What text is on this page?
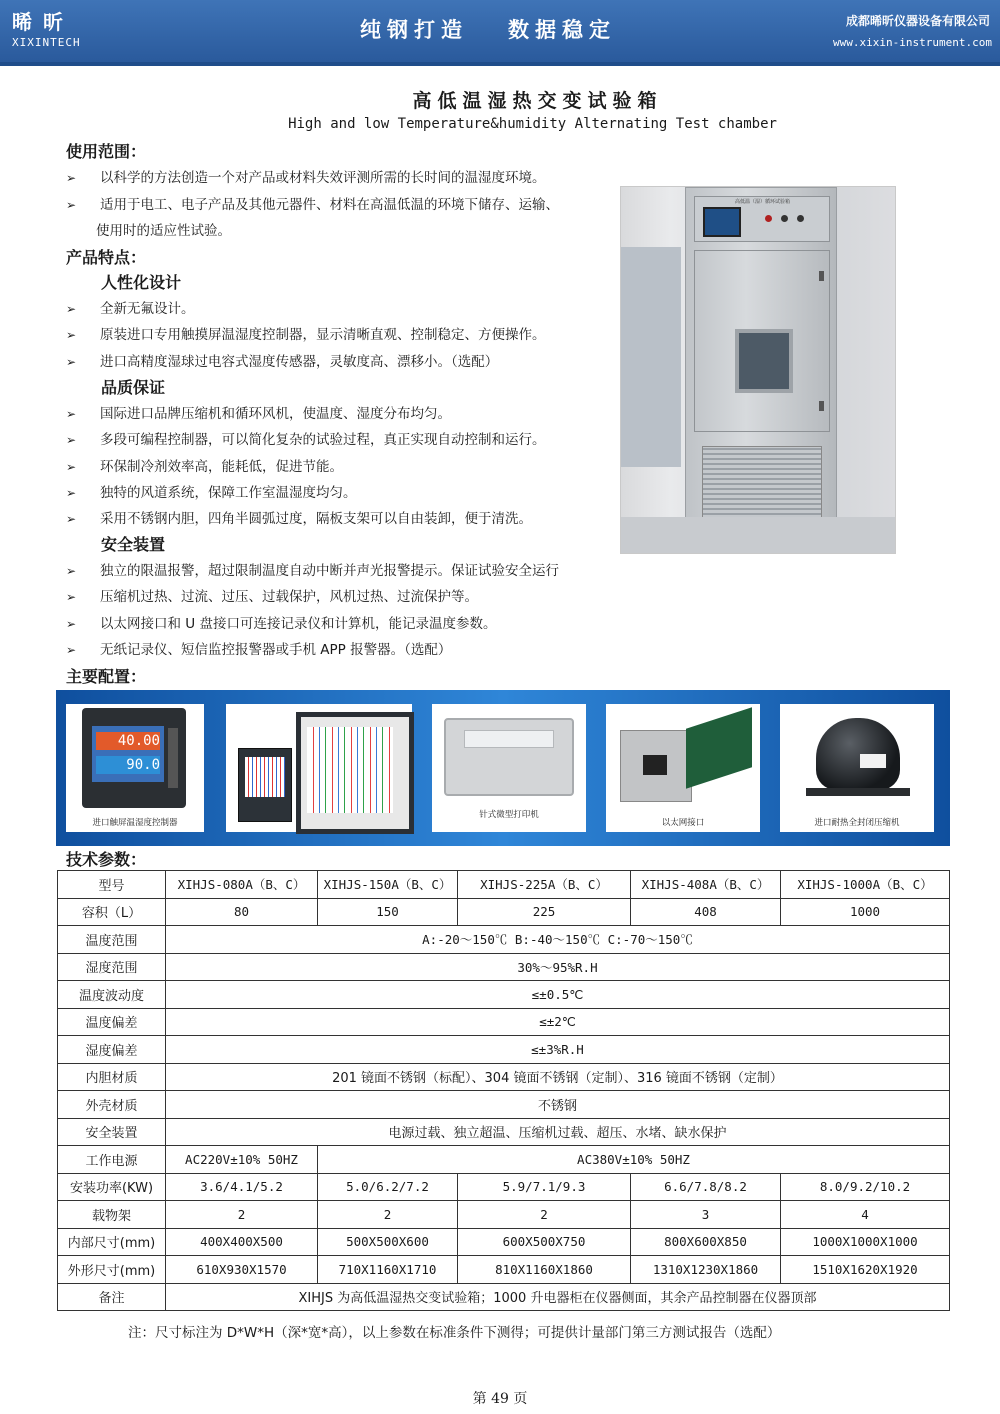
晞 昕
XIXINTECH
纯钢打造 数据稳定	成都晞昕仪器设备有限公司
www.xixin-instrument.com
高低温湿热交变试验箱
High and low Temperature&humidity Alternating Test chamber
使用范围：
➢ 以科学的方法创造一个对产品或材料失效评测所需的长时间的温湿度环境。
➢ 适用于电工、电子产品及其他元器件、材料在高温低温的环境下储存、运输、
使用时的适应性试验。
产品特点：
人性化设计
➢ 全新无氟设计。
➢ 原装进口专用触摸屏温湿度控制器，显示清晰直观、控制稳定、方便操作。
➢ 进口高精度湿球过电容式湿度传感器，灵敏度高、漂移小。（选配）
品质保证
➢ 国际进口品牌压缩机和循环风机，使温度、湿度分布均匀。
➢ 多段可编程控制器，可以简化复杂的试验过程，真正实现自动控制和运行。
➢ 环保制冷剂效率高，能耗低，促进节能。
➢ 独特的风道系统，保障工作室温湿度均匀。
➢ 采用不锈钢内胆，四角半圆弧过度，隔板支架可以自由装卸，便于清洗。
安全装置
➢ 独立的限温报警，超过限制温度自动中断并声光报警提示。保证试验安全运行
➢ 压缩机过热、过流、过压、过载保护，风机过热、过流保护等。
➢ 以太网接口和 U 盘接口可连接记录仪和计算机，能记录温度参数。
➢ 无纸记录仪、短信监控报警器或手机 APP 报警器。（选配）
高低温（湿）循环试验箱
主要配置：
40.00
90.0
进口触屏温湿度控制器
针式微型打印机
以太网接口	进口耐热全封闭压缩机
技术参数：
型号	XIHJS-080A（B、C）	XIHJS-150A（B、C）	XIHJS-225A（B、C）	XIHJS-408A（B、C）	XIHJS-1000A（B、C）
容积（L）	80	150	225	408	1000
温度范围	A:-20～150℃ B:-40～150℃ C:-70～150℃				
湿度范围	30%～95%R.H				
温度波动度	≤±0.5℃				
温度偏差	≤±2℃				
湿度偏差	≤±3%R.H				
内胆材质	201 镜面不锈钢（标配）、304 镜面不锈钢（定制）、316 镜面不锈钢（定制）				
外壳材质	不锈钢				
安全装置	电源过载、独立超温、压缩机过载、超压、水堵、缺水保护				
工作电源	AC220V±10% 50HZ	AC380V±10% 50HZ			
安装功率(KW)	3.6/4.1/5.2	5.0/6.2/7.2	5.9/7.1/9.3	6.6/7.8/8.2	8.0/9.2/10.2
载物架	2	2	2	3	4
内部尺寸(mm)	400X400X500	500X500X600	600X500X750	800X600X850	1000X1000X1000
外形尺寸(mm)	610X930X1570	710X1160X1710	810X1160X1860	1310X1230X1860	1510X1620X1920
备注	XIHJS 为高低温湿热交变试验箱；1000 升电器柜在仪器侧面，其余产品控制器在仪器顶部				
注：尺寸标注为 D*W*H（深*宽*高），以上参数在标准条件下测得；可提供计量部门第三方测试报告（选配）
第 49 页
